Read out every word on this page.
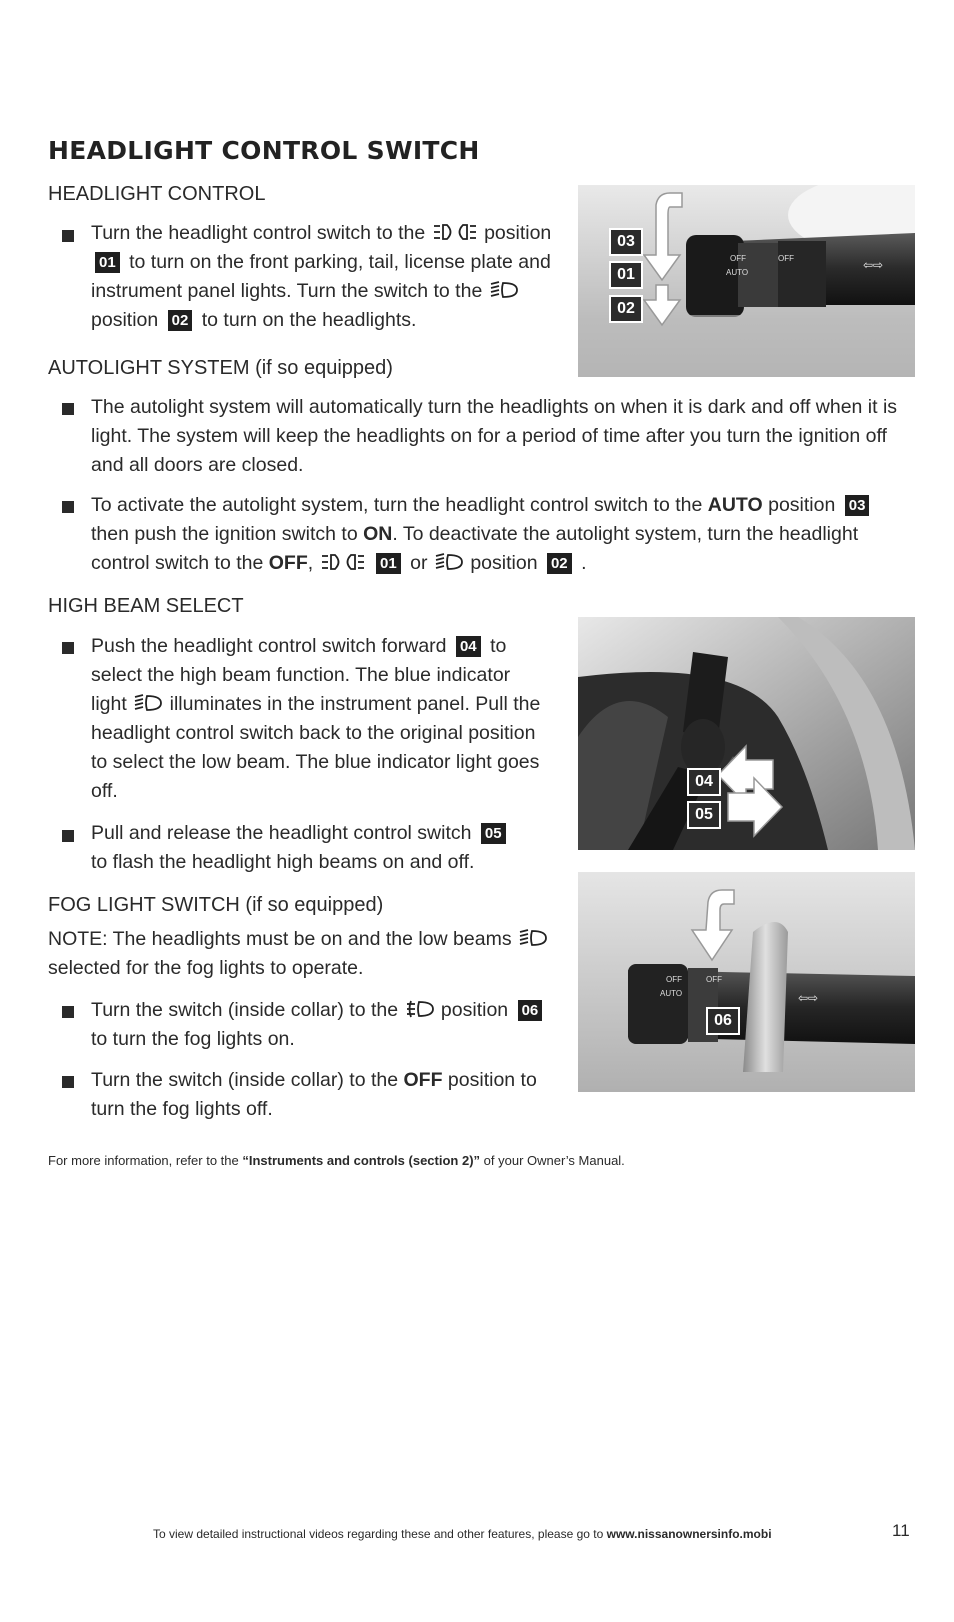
HEADLIGHT CONTROL SWITCH
HEADLIGHT CONTROL
Turn the headlight control switch to the	position
01 to turn on the front parking, tail, license plate and instrument panel lights. Turn the switch to the  position 02 to turn on the headlights.
OFF
AUTO
OFF	⇦⇨
03
01
02
AUTOLIGHT SYSTEM (if so equipped)
The autolight system will automatically turn the headlights on when it is dark and off when it is light. The system will keep the headlights on for a period of time after you turn the ignition off and all doors are closed.
To activate the autolight system, turn the headlight control switch to the AUTO position 03
then push the ignition switch to ON. To deactivate the autolight system, turn the headlight control switch to the OFF,	01 or position 02 .
HIGH BEAM SELECT
Push the headlight control switch forward 04 to select the high beam function. The blue indicator light illuminates in the instrument panel. Pull the headlight control switch back to the original position to select the low beam. The blue indicator light goes off.
Pull and release the headlight control switch 05
to flash the headlight high beams on and off.
04
05
FOG LIGHT SWITCH (if so equipped)
NOTE: The headlights must be on and the low beams
selected for the fog lights to operate.
Turn the switch (inside collar) to the position 06
to turn the fog lights on.
Turn the switch (inside collar) to the OFF position to turn the fog lights off.
OFF
AUTO
OFF
⇦⇨
06
For more information, refer to the “Instruments and controls (section 2)” of your Owner’s Manual.
To view detailed instructional videos regarding these and other features, please go to www.nissanownersinfo.mobi	11
